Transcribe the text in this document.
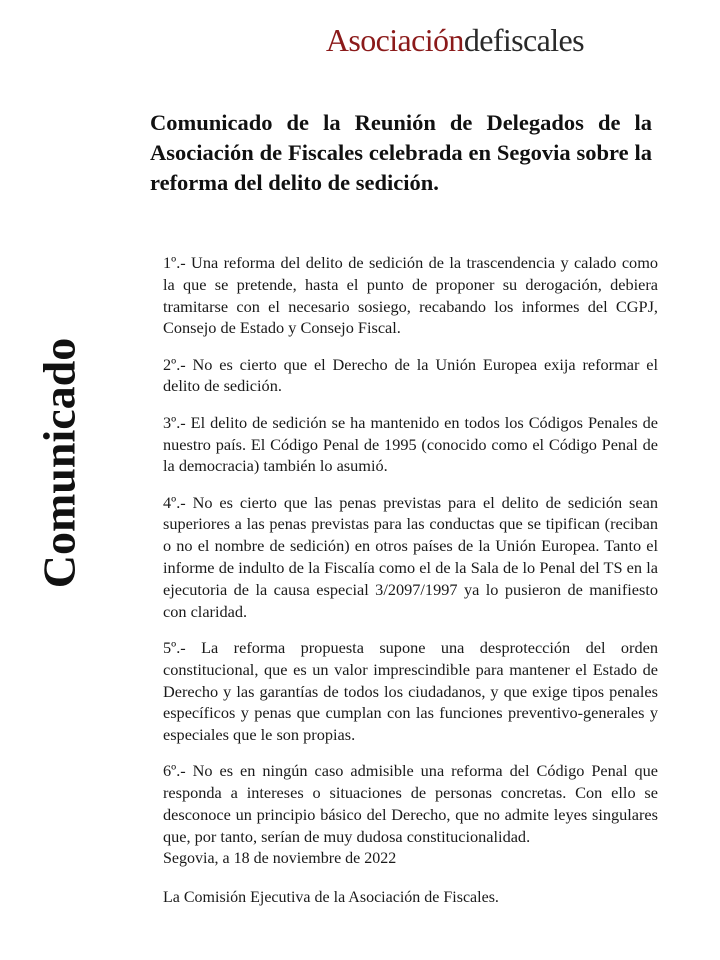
Asociacióndefiscales
Comunicado de la Reunión de Delegados de la Asociación de Fiscales celebrada en Segovia sobre la reforma del delito de sedición.
Comunicado

1º.- Una reforma del delito de sedición de la trascendencia y calado como la que se pretende, hasta el punto de proponer su derogación, debiera tramitarse con el necesario sosiego, recabando los informes del CGPJ, Consejo de Estado y Consejo Fiscal.

2º.- No es cierto que el Derecho de la Unión Europea exija reformar el delito de sedición.

3º.- El delito de sedición se ha mantenido en todos los Códigos Penales de nuestro país. El Código Penal de 1995 (conocido como el Código Penal de la democracia) también lo asumió.

4º.- No es cierto que las penas previstas para el delito de sedición sean superiores a las penas previstas para las conductas que se tipifican (reciban o no el nombre de sedición) en otros países de la Unión Europea. Tanto el informe de indulto de la Fiscalía como el de la Sala de lo Penal del TS en la ejecutoria de la causa especial 3/2097/1997 ya lo pusieron de manifiesto con claridad.

5º.- La reforma propuesta supone una desprotección del orden constitucional, que es un valor imprescindible para mantener el Estado de Derecho y las garantías de todos los ciudadanos, y que exige tipos penales específicos y penas que cumplan con las funciones preventivo-generales y especiales que le son propias.

6º.- No es en ningún caso admisible una reforma del Código Penal que responda a intereses o situaciones de personas concretas. Con ello se desconoce un principio básico del Derecho, que no admite leyes singulares que, por tanto, serían de muy dudosa constitucionalidad.

Segovia, a 18 de noviembre de 2022
La Comisión Ejecutiva de la Asociación de Fiscales.
